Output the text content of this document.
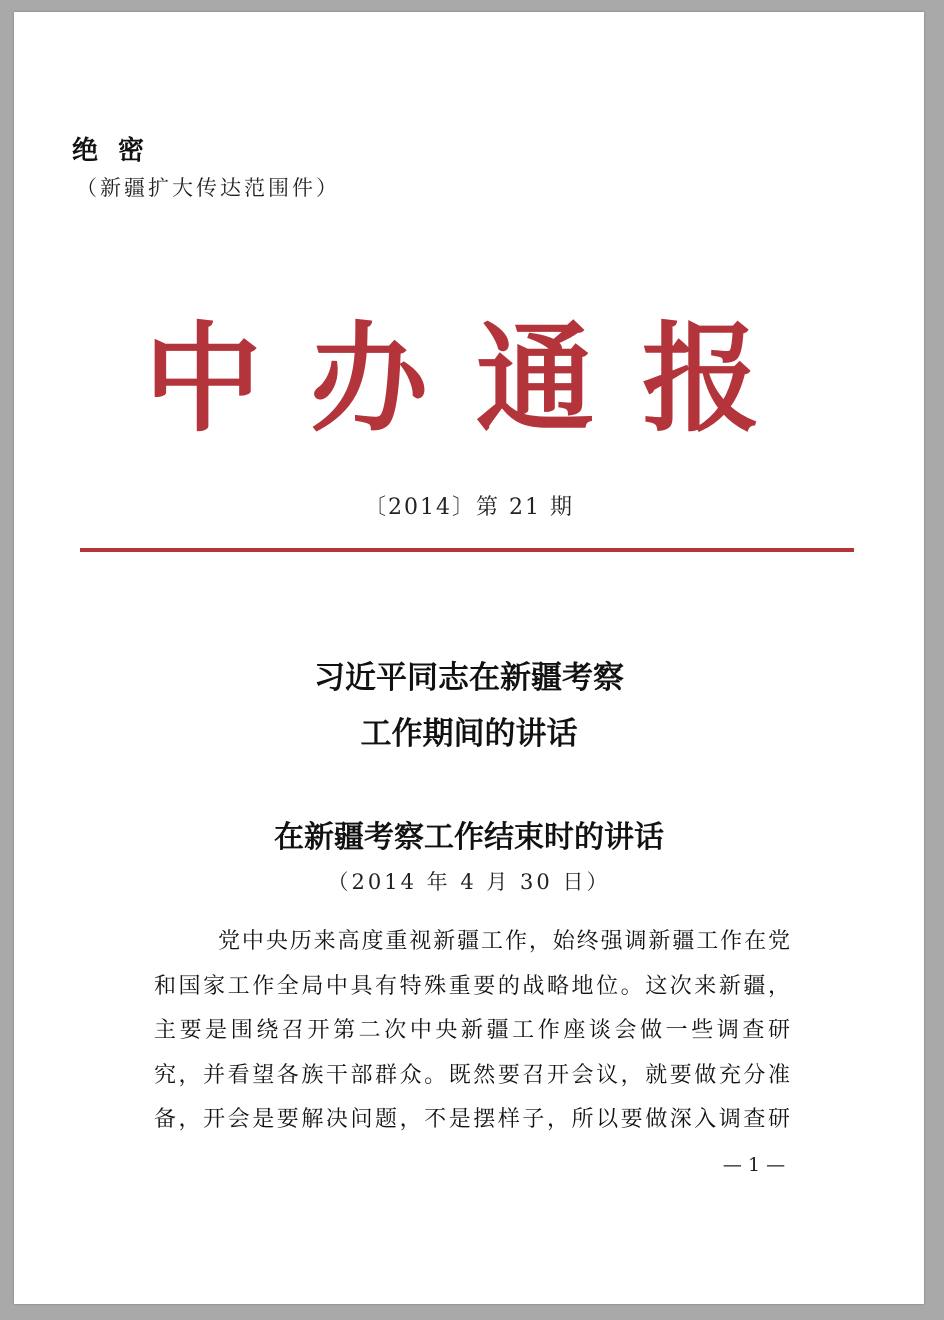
绝密
（新疆扩大传达范围件）
中办通报
〔2014〕第 21 期
习近平同志在新疆考察
工作期间的讲话
在新疆考察工作结束时的讲话
（2014 年 4 月 30 日）
党中央历来高度重视新疆工作，始终强调新疆工作在党
和国家工作全局中具有特殊重要的战略地位。这次来新疆，
主要是围绕召开第二次中央新疆工作座谈会做一些调查研
究，并看望各族干部群众。既然要召开会议，就要做充分准
备，开会是要解决问题，不是摆样子，所以要做深入调查研
— 1 —
